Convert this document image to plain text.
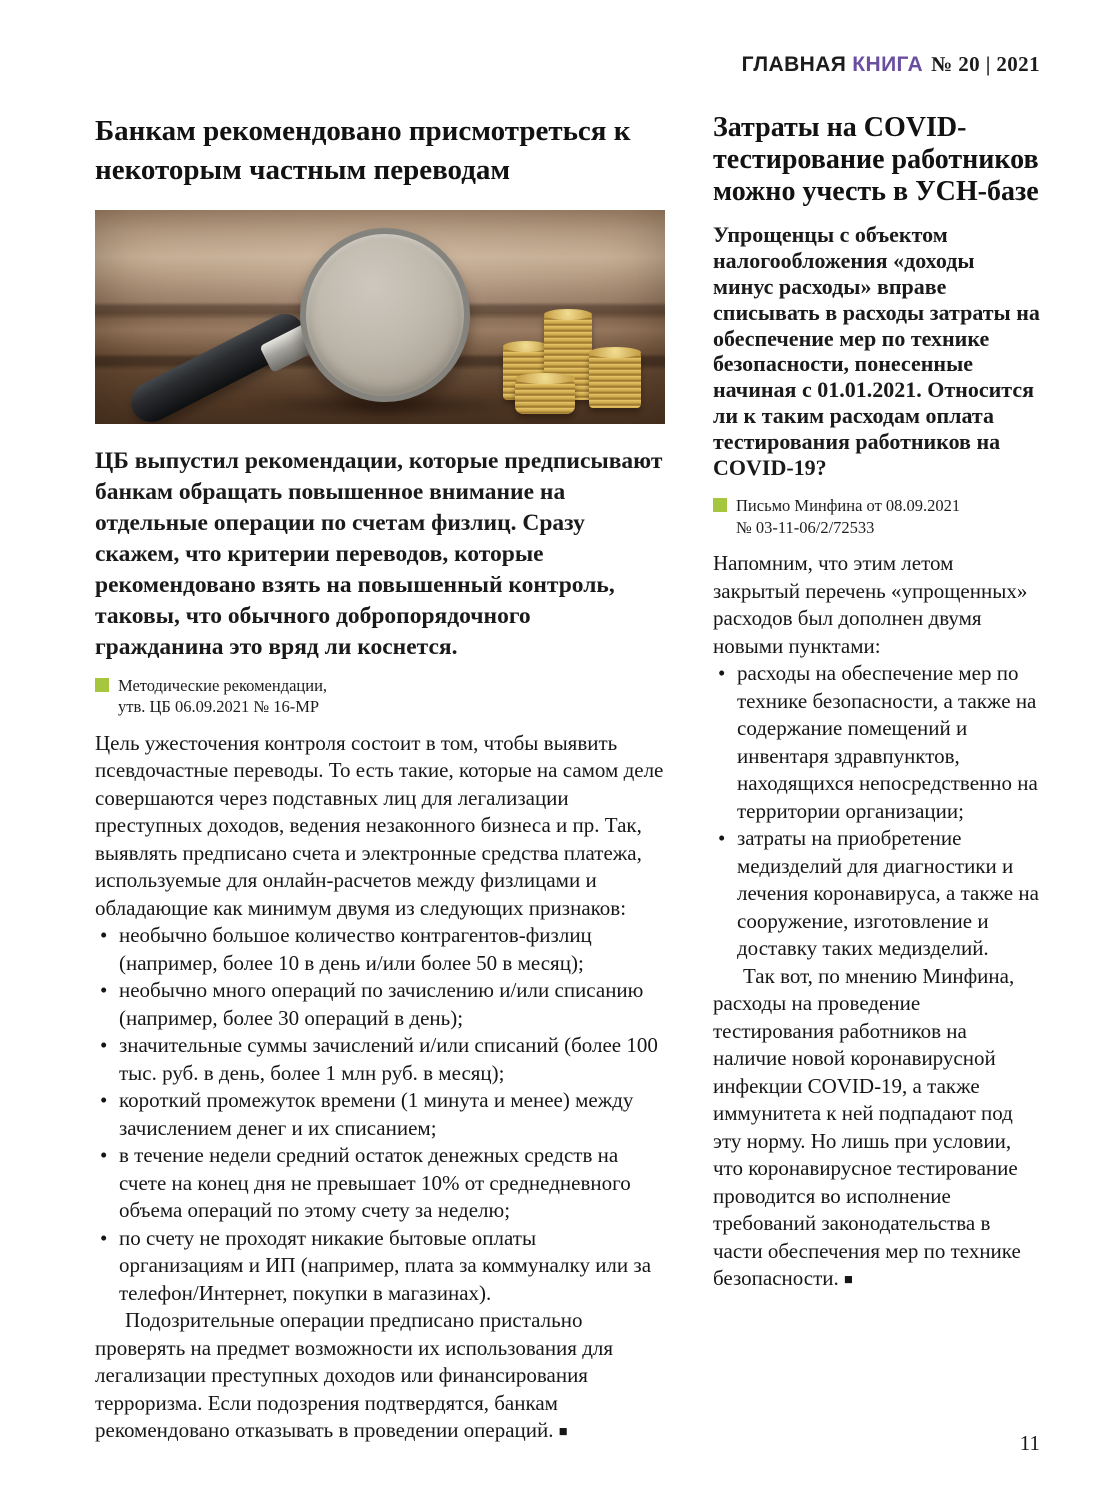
ГЛАВНАЯ КНИГА № 20 | 2021
Банкам рекомендовано присмотреться к некоторым частным переводам

ЦБ выпустил рекомендации, которые предписывают банкам обращать повышенное внимание на отдельные операции по счетам физлиц. Сразу скажем, что критерии переводов, которые рекомендовано взять на повышенный контроль, таковы, что обычного добропорядочного гражданина это вряд ли коснется.

Методические рекомендации,
утв. ЦБ 06.09.2021 № 16-МР

Цель ужесточения контроля состоит в том, чтобы выявить псевдочастные переводы. То есть такие, которые на самом деле совершаются через подставных лиц для легализации преступных доходов, ведения незаконного бизнеса и пр. Так, выявлять предписано счета и электронные средства платежа, используемые для онлайн-расчетов между физлицами и обладающие как минимум двумя из следующих признаков:

• необычно большое количество контрагентов-физлиц (например, более 10 в день и/или более 50 в месяц);

• необычно много операций по зачислению и/или списанию (например, более 30 операций в день);

• значительные суммы зачислений и/или списаний (более 100 тыс. руб. в день, более 1 млн руб. в месяц);

• короткий промежуток времени (1 минута и менее) между зачислением денег и их списанием;

• в течение недели средний остаток денежных средств на счете на конец дня не превышает 10% от среднедневного объема операций по этому счету за неделю;

• по счету не проходят никакие бытовые оплаты организациям и ИП (например, плата за коммуналку или за телефон/Интернет, покупки в магазинах).

Подозрительные операции предписано пристально проверять на предмет возможности их использования для легализации преступных доходов или финансирования терроризма. Если подозрения подтвердятся, банкам рекомендовано отказывать в проведении операций. ■

Затраты на COVID-тестирование работников можно учесть в УСН-базе

Упрощенцы с объектом налогообложения «доходы минус расходы» вправе списывать в расходы затраты на обеспечение мер по технике безопасности, понесенные начиная с 01.01.2021. Относится ли к таким расходам оплата тестирования работников на COVID-19?

Письмо Минфина от 08.09.2021
№ 03-11-06/2/72533

Напомним, что этим летом закрытый перечень «упрощенных» расходов был дополнен двумя новыми пунктами:

• расходы на обеспечение мер по технике безопасности, а также на содержание помещений и инвентаря здравпунктов, находящихся непосредственно на территории организации;

• затраты на приобретение медизделий для диагностики и лечения коронавируса, а также на сооружение, изготовление и доставку таких медизделий.

Так вот, по мнению Минфина, расходы на проведение тестирования работников на наличие новой коронавирусной инфекции COVID-19, а также иммунитета к ней подпадают под эту норму. Но лишь при условии, что коронавирусное тестирование проводится во исполнение требований законодательства в части обеспечения мер по технике безопасности. ■

11
